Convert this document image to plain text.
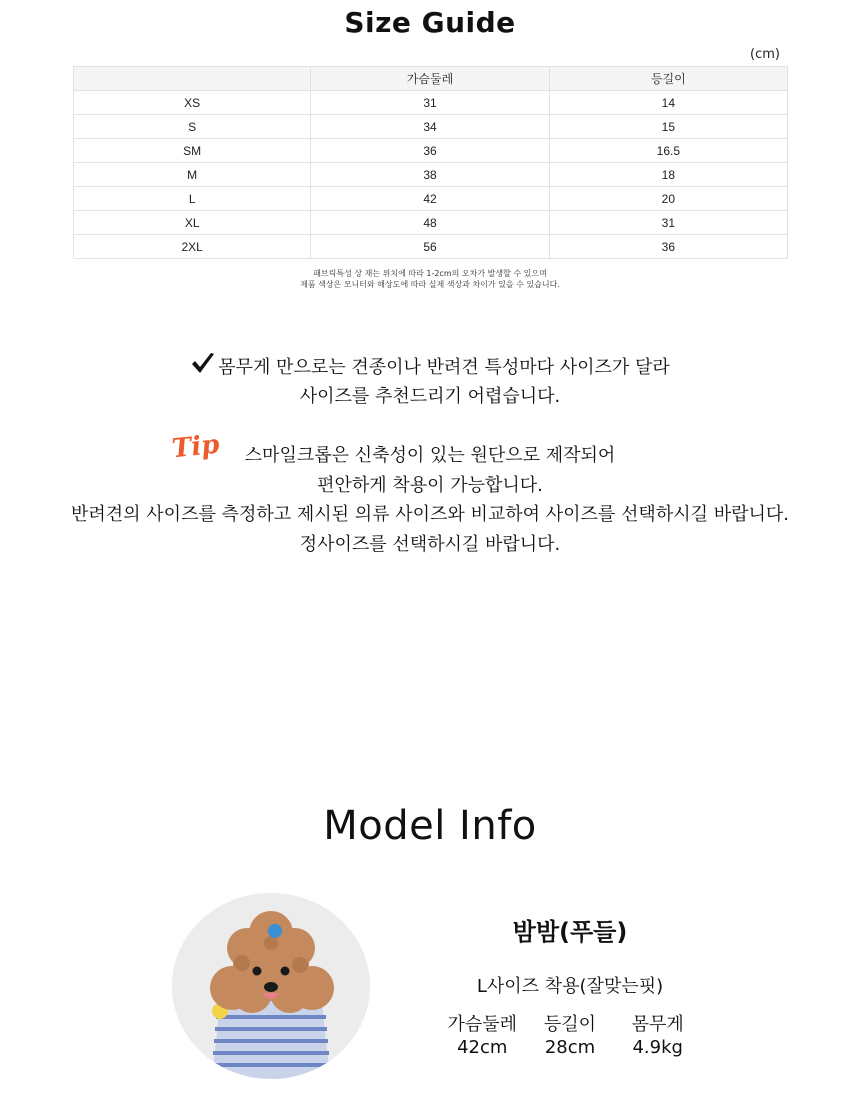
Size Guide
(cm)
	가슴둘레	등길이
XS	31	14
S	34	15
SM	36	16.5
M	38	18
L	42	20
XL	48	31
2XL	56	36
패브릭특성 상 재는 위치에 따라 1-2cm의 오차가 발생할 수 있으며
제품 색상은 모니터와 해상도에 따라 실제 색상과 차이가 있을 수 있습니다.
몸무게 만으로는 견종이나 반려견 특성마다 사이즈가 달라
사이즈를 추천드리기 어렵습니다.
Tip	스마일크롭은 신축성이 있는 원단으로 제작되어
편안하게 착용이 가능합니다.
반려견의 사이즈를 측정하고 제시된 의류 사이즈와 비교하여 사이즈를 선택하시길 바랍니다.
정사이즈를 선택하시길 바랍니다.
Model Info
밤밤(푸들)
L사이즈 착용(잘맞는핏)
가슴둘레 등길이 몸무게
42cm 28cm 4.9kg
